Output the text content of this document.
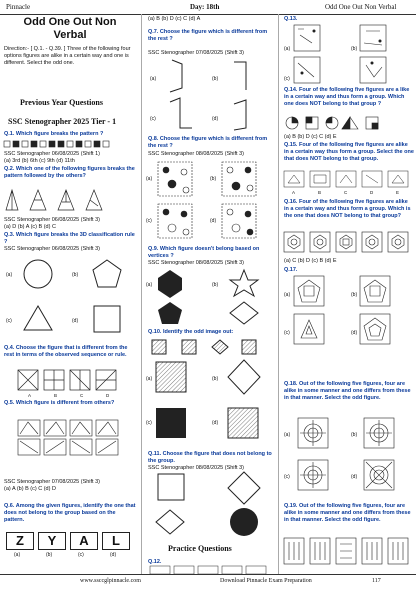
Pinnacle	Day: 18th	Odd One Out Non Verbal
Odd One Out Non Verbal
Direction:- [ Q.1. - Q.39. ] Three of the following four options figures are alike in a certain way and one is different. Select the odd one.
Previous Year Questions
SSC Stenographer 2025 Tier - 1
Q.1. Which figure breaks the pattern ?
SSC Stenographer 06/08/2025 (Shift 1)
(a) 3rd (b) 6th (c) 9th (d) 11th
Q.2. Which one of the following figures breaks the pattern followed by the others?
SSC Stenographer 06/08/2025 (Shift 3)
(a) D (b) A (c) B (d) C
Q.3. Which figure breaks the 3D classification rule ?
SSC Stenographer 06/08/2025 (Shift 3)
(a)	(b)
(c)	(d)
Q.4. Choose the figure that is different from the rest in terms of the observed sequence or rule.
A	B	C	D
Q.5. Which figure is different from others?
SSC Stenographer 07/08/2025 (Shift 3)
(a) A (b) B (c) C (d) D
Q.6. Among the given figures, identify the one that does not belong to the group based on the pattern.
Z	Y	A	L
(a)	(b)	(c)	(d)
(a) B (b) D (c) C (d) A
Q.7. Choose the figure which is different from the rest ?
SSC Stenographer 07/08/2025 (Shift 3)
(a)	(b)
(c)	(d)
Q.8. Choose the figure which is different from the rest ?
SSC Stenographer 08/08/2025 (Shift 3)
(a)	(b)
(c)	(d)
Q.9. Which figure doesn't belong based on vertices ?
SSC Stenographer 08/08/2025 (Shift 3)
(a)	(b)
Q.10. Identify the odd image out:
(a)	(b)
(c)	(d)
Q.11. Choose the figure that does not belong to the group.
SSC Stenographer 08/08/2025 (Shift 3)
Practice Questions
Q.12.
Q.13.
(a)	(b)
(c)
Q.14. Four of the following five figures are a like in a certain way and thus form a group. Which one does NOT belong to that group ?
(a) B (b) D (c) C (d) E
Q.15. Four of the following five figures are alike in a certain way thus form a group. Select the one that does NOT belong to that group.
A	B	C	D	E
Q.16. Four of the following five figures are alike in a certain way and thus form a group. Which is the one that does NOT belong to that group?
(a) C (b) D (c) B (d) E
Q.17.
(a)	(b)
(c)	(d)
Q.18. Out of the following five figures, four are alike in some manner and one differs from these in that manner. Select the odd figure.
(a)	(b)
(c)	(d)
Q.19. Out of the following five figures, four are alike in some manner and one differs from these in that manner. Select the odd figure.
www.ssccglpinnacle.com	Download Pinnacle Exam Preparation	117
